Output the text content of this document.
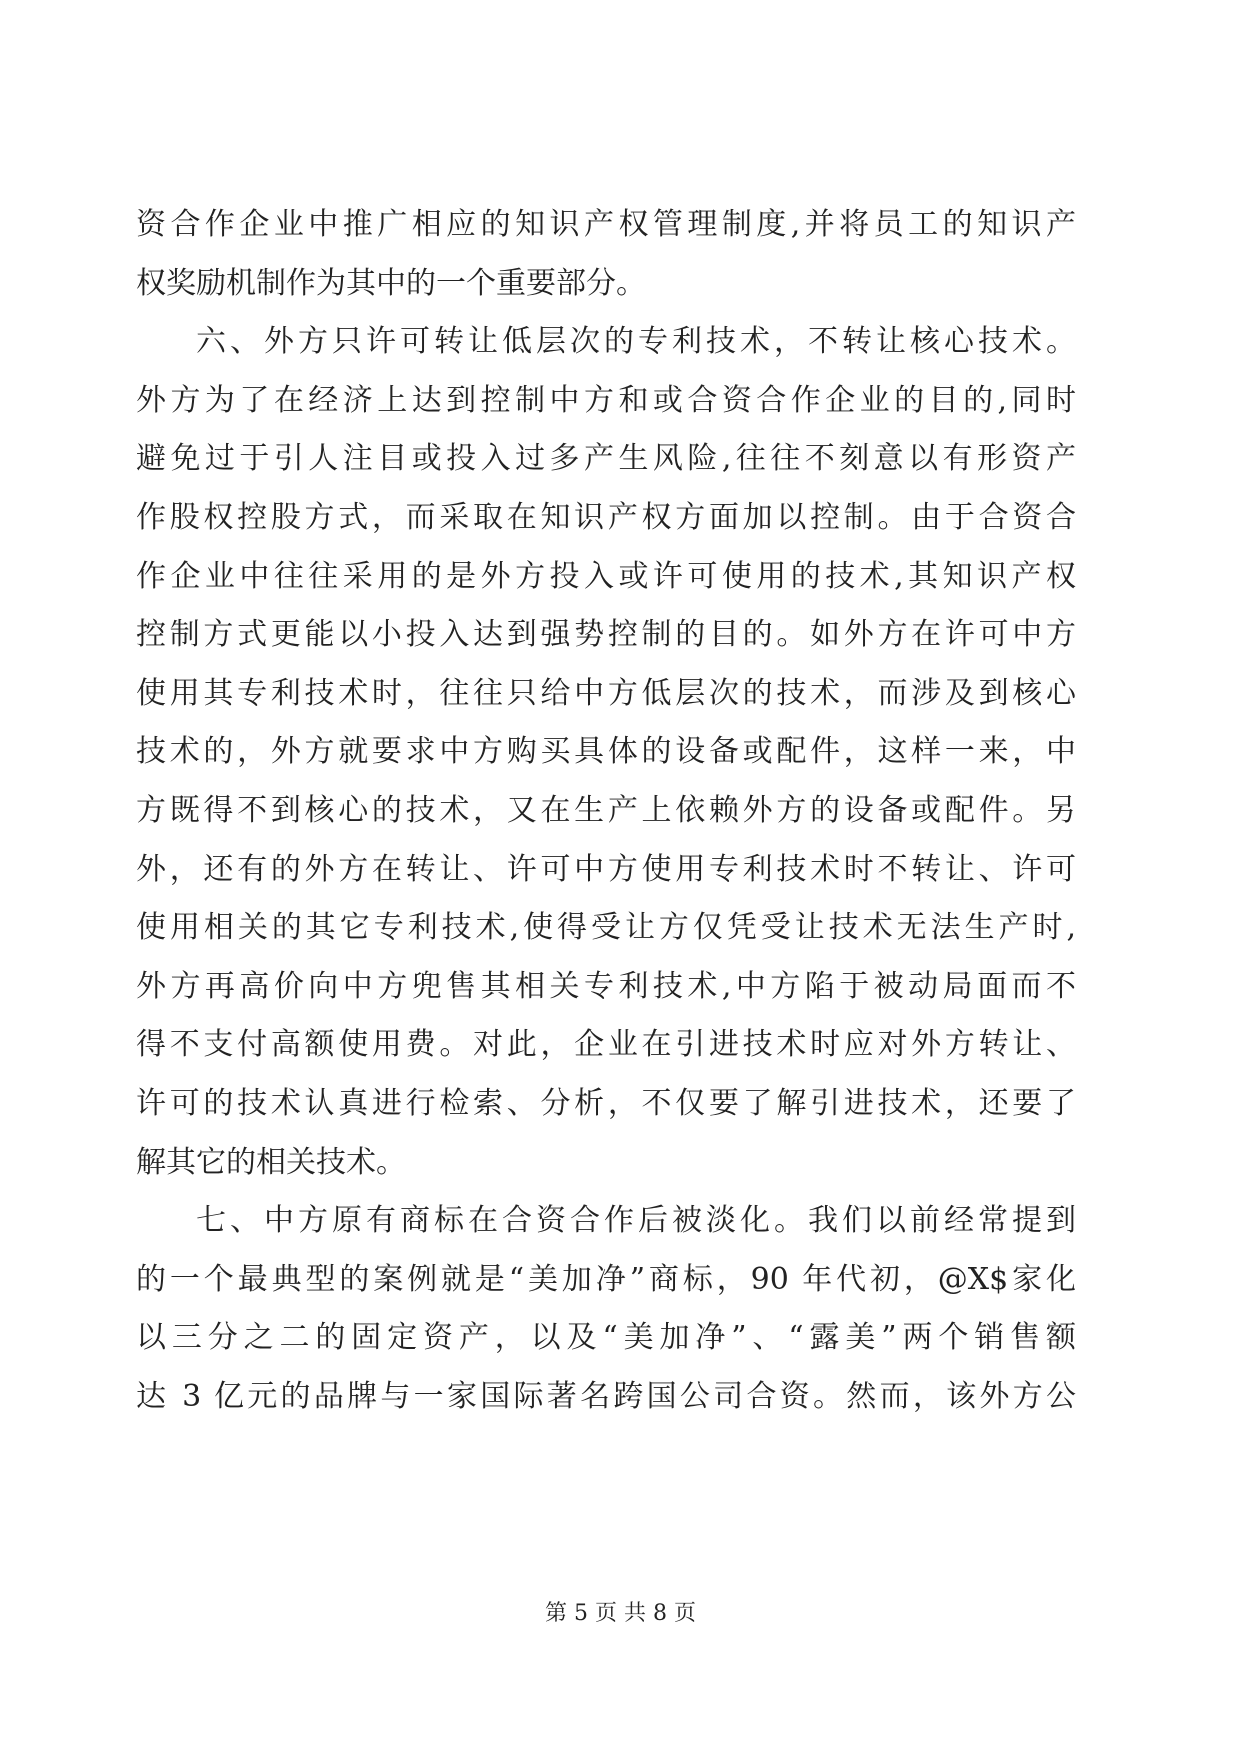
资合作企业中推广相应的知识产权管理制度,并将员工的知识产
权奖励机制作为其中的一个重要部分。
六、外方只许可转让低层次的专利技术，不转让核心技术。
外方为了在经济上达到控制中方和或合资合作企业的目的,同时
避免过于引人注目或投入过多产生风险,往往不刻意以有形资产
作股权控股方式，而采取在知识产权方面加以控制。由于合资合
作企业中往往采用的是外方投入或许可使用的技术,其知识产权
控制方式更能以小投入达到强势控制的目的。如外方在许可中方
使用其专利技术时，往往只给中方低层次的技术，而涉及到核心
技术的，外方就要求中方购买具体的设备或配件，这样一来，中
方既得不到核心的技术，又在生产上依赖外方的设备或配件。另
外，还有的外方在转让、许可中方使用专利技术时不转让、许可
使用相关的其它专利技术,使得受让方仅凭受让技术无法生产时,
外方再高价向中方兜售其相关专利技术,中方陷于被动局面而不
得不支付高额使用费。对此，企业在引进技术时应对外方转让、
许可的技术认真进行检索、分析，不仅要了解引进技术，还要了
解其它的相关技术。
七、中方原有商标在合资合作后被淡化。我们以前经常提到
的一个最典型的案例就是“美加净”商标，90 年代初，@X$家化
以三分之二的固定资产，以及“美加净”、“露美”两个销售额
达 3 亿元的品牌与一家国际著名跨国公司合资。然而，该外方公
第 5 页 共 8 页
